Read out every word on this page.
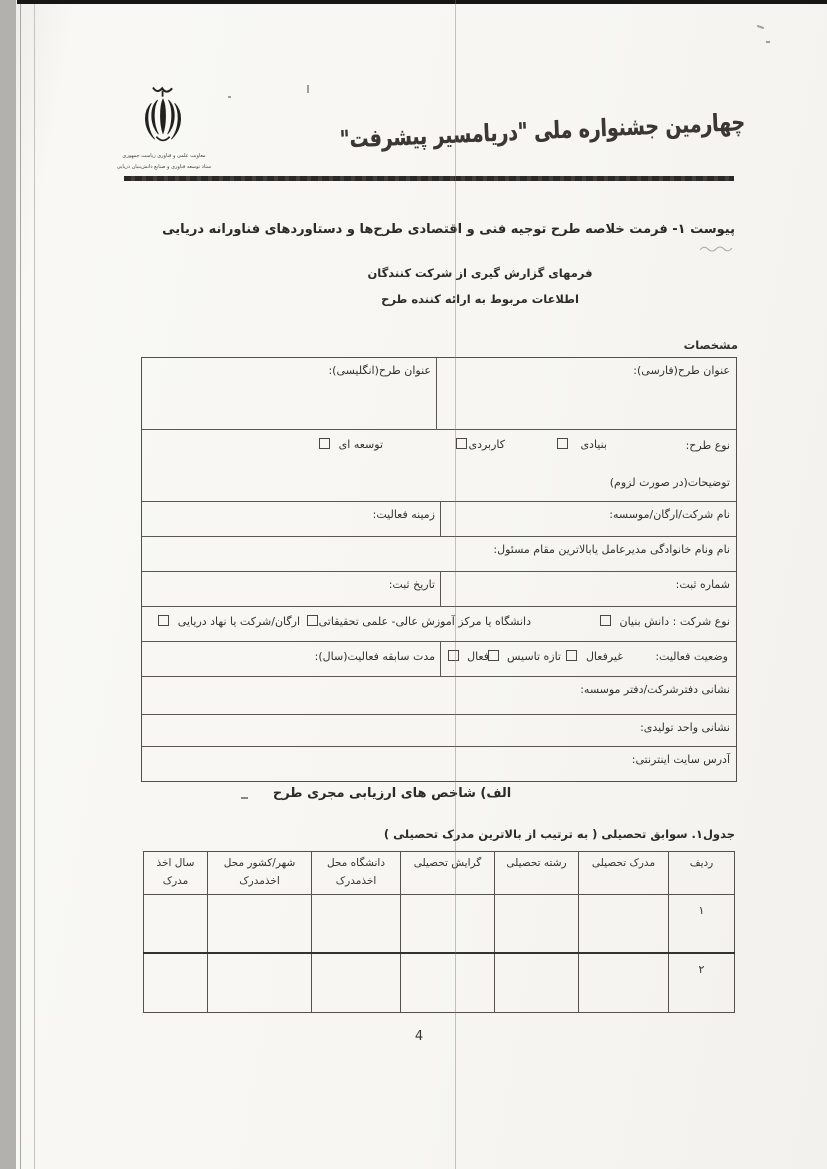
معاونت علمی و فناوری ریاست جمهوری
ستاد توسعه فناوری و صنایع دانش‌بنیان دریایی
چهارمین جشنواره ملی "دریامسیر پیشرفت"
پیوست ۱- فرمت خلاصه طرح توجیه فنی و اقتصادی طرح‌ها و دستاوردهای فناورانه دریایی
فرمهای گزارش گیری از شرکت کنندگان
اطلاعات مربوط به ارائه کننده طرح
مشخصات
عنوان طرح(فارسی):
عنوان طرح(انگلیسی):
نوع طرح:
بنیادی
کاربردی
توسعه ای
توضیحات(در صورت لزوم)
نام شرکت/ارگان/موسسه:
زمینه فعالیت:
نام ونام خانوادگی مدیرعامل یابالاترین مقام مسئول:
شماره ثبت:
تاریخ ثبت:
نوع شرکت : دانش بنیان
دانشگاه یا مرکز آموزش عالی- علمی تحقیقاتی
ارگان/شرکت یا نهاد دریایی
وضعیت فعالیت:
غیرفعال
تازه تاسیس
فعال
مدت سابقه فعالیت(سال):
نشانی دفترشرکت/دفتر موسسه:
نشانی واحد تولیدی:
آدرس سایت اینترنتی:
الف) شاخص های ارزیابی مجری طرح
جدول۱. سوابق تحصیلی ( به ترتیب از بالاترین مدرک تحصیلی )
ردیف	مدرک تحصیلی	رشته تحصیلی	گرایش تحصیلی	دانشگاه محل اخذمدرک	شهر/کشور محل اخذمدرک	سال اخذ مدرک
۱						
۲						
4
